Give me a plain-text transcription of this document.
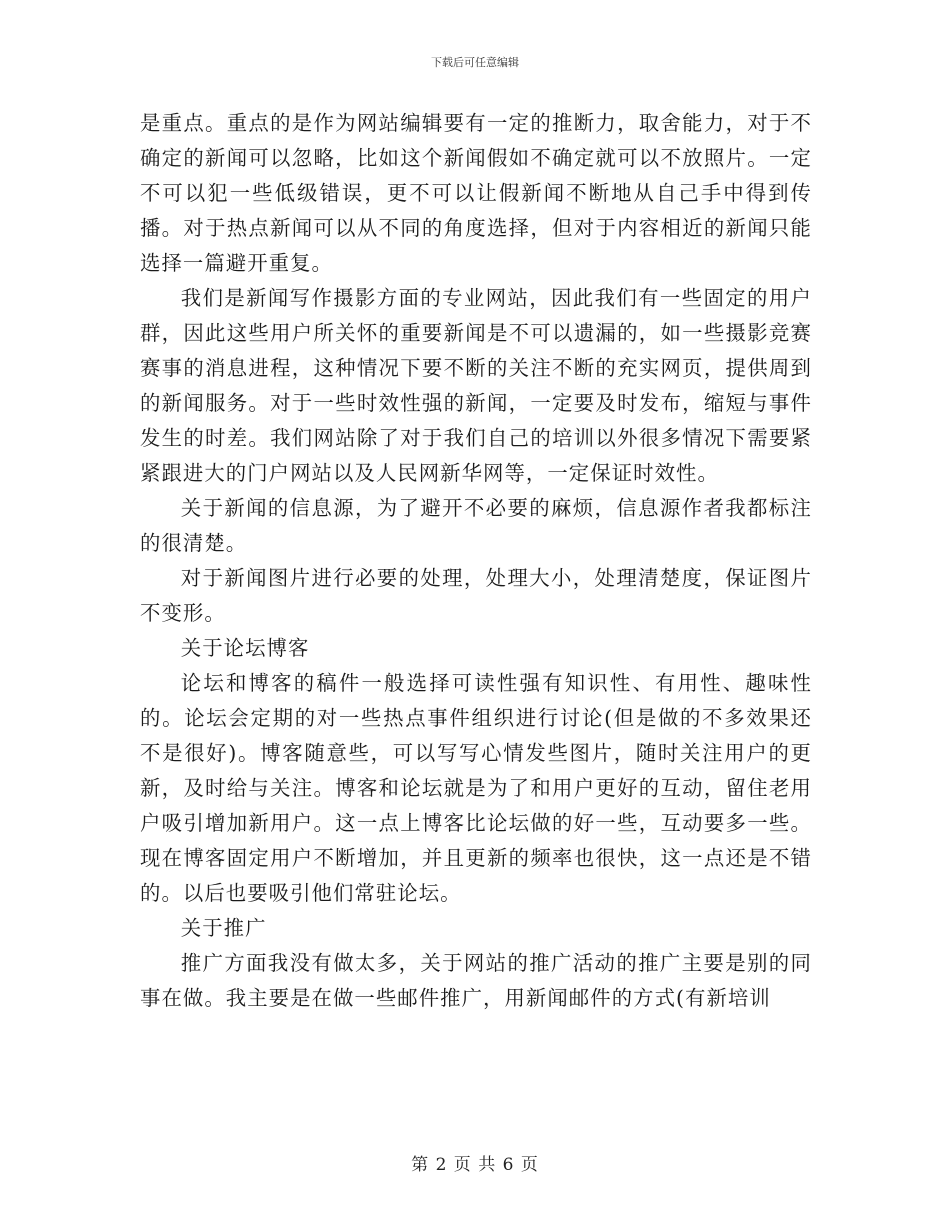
下载后可任意编辑

是重点。重点的是作为网站编辑要有一定的推断力，取舍能力，对于不确定的新闻可以忽略，比如这个新闻假如不确定就可以不放照片。一定不可以犯一些低级错误，更不可以让假新闻不断地从自己手中得到传播。对于热点新闻可以从不同的角度选择，但对于内容相近的新闻只能选择一篇避开重复。

我们是新闻写作摄影方面的专业网站，因此我们有一些固定的用户群，因此这些用户所关怀的重要新闻是不可以遗漏的，如一些摄影竞赛赛事的消息进程，这种情况下要不断的关注不断的充实网页，提供周到的新闻服务。对于一些时效性强的新闻，一定要及时发布，缩短与事件发生的时差。我们网站除了对于我们自己的培训以外很多情况下需要紧紧跟进大的门户网站以及人民网新华网等，一定保证时效性。

关于新闻的信息源，为了避开不必要的麻烦，信息源作者我都标注的很清楚。

对于新闻图片进行必要的处理，处理大小，处理清楚度，保证图片不变形。

关于论坛博客

论坛和博客的稿件一般选择可读性强有知识性、有用性、趣味性的。论坛会定期的对一些热点事件组织进行讨论(但是做的不多效果还不是很好)。博客随意些，可以写写心情发些图片，随时关注用户的更新，及时给与关注。博客和论坛就是为了和用户更好的互动，留住老用户吸引增加新用户。这一点上博客比论坛做的好一些，互动要多一些。现在博客固定用户不断增加，并且更新的频率也很快，这一点还是不错的。以后也要吸引他们常驻论坛。

关于推广

推广方面我没有做太多，关于网站的推广活动的推广主要是别的同事在做。我主要是在做一些邮件推广，用新闻邮件的方式(有新培训

第 2 页 共 6 页
